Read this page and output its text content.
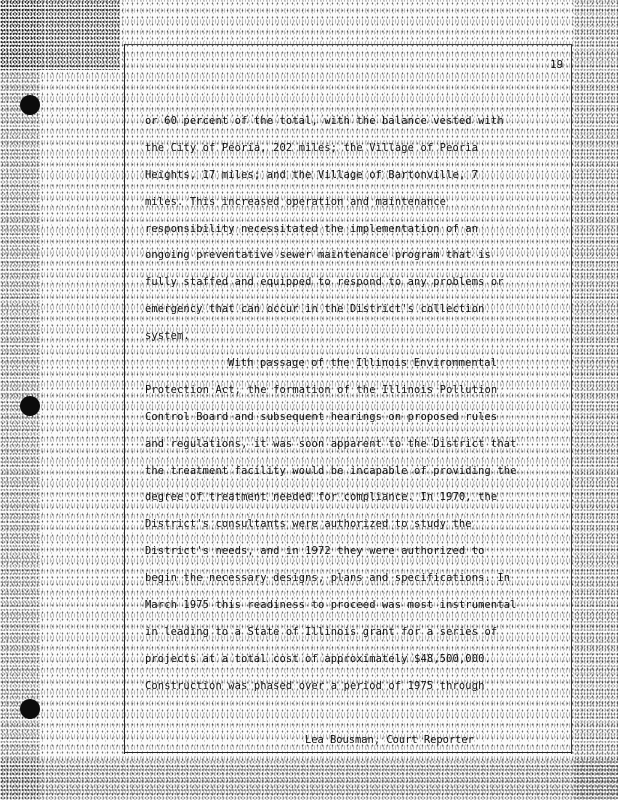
19
or 60 percent of the total, with the balance vested with
the City of Peoria, 202 miles; the Village of Peoria
Heights, 17 miles; and the Village of Bartonville, 7
miles. This increased operation and maintenance
responsibility necessitated the implementation of an
ongoing preventative sewer maintenance program that is
fully staffed and equipped to respond to any problems or
emergency that can occur in the District's collection
system.
With passage of the Illinois Environmental
Protection Act, the formation of the Illinois Pollution
Control Board and subsequent hearings on proposed rules
and regulations, it was soon apparent to the District that
the treatment facility would be incapable of providing the
degree of treatment needed for compliance. In 1970, the
District's consultants were authorized to study the
District's needs, and in 1972 they were authorized to
begin the necessary designs, plans and specifications. In
March 1975 this readiness to proceed was most instrumental
in leading to a State of Illinois grant for a series of
projects at a total cost of approximately $48,500,000.
Construction was phased over a period of 1975 through
Lea Bousman, Court Reporter
